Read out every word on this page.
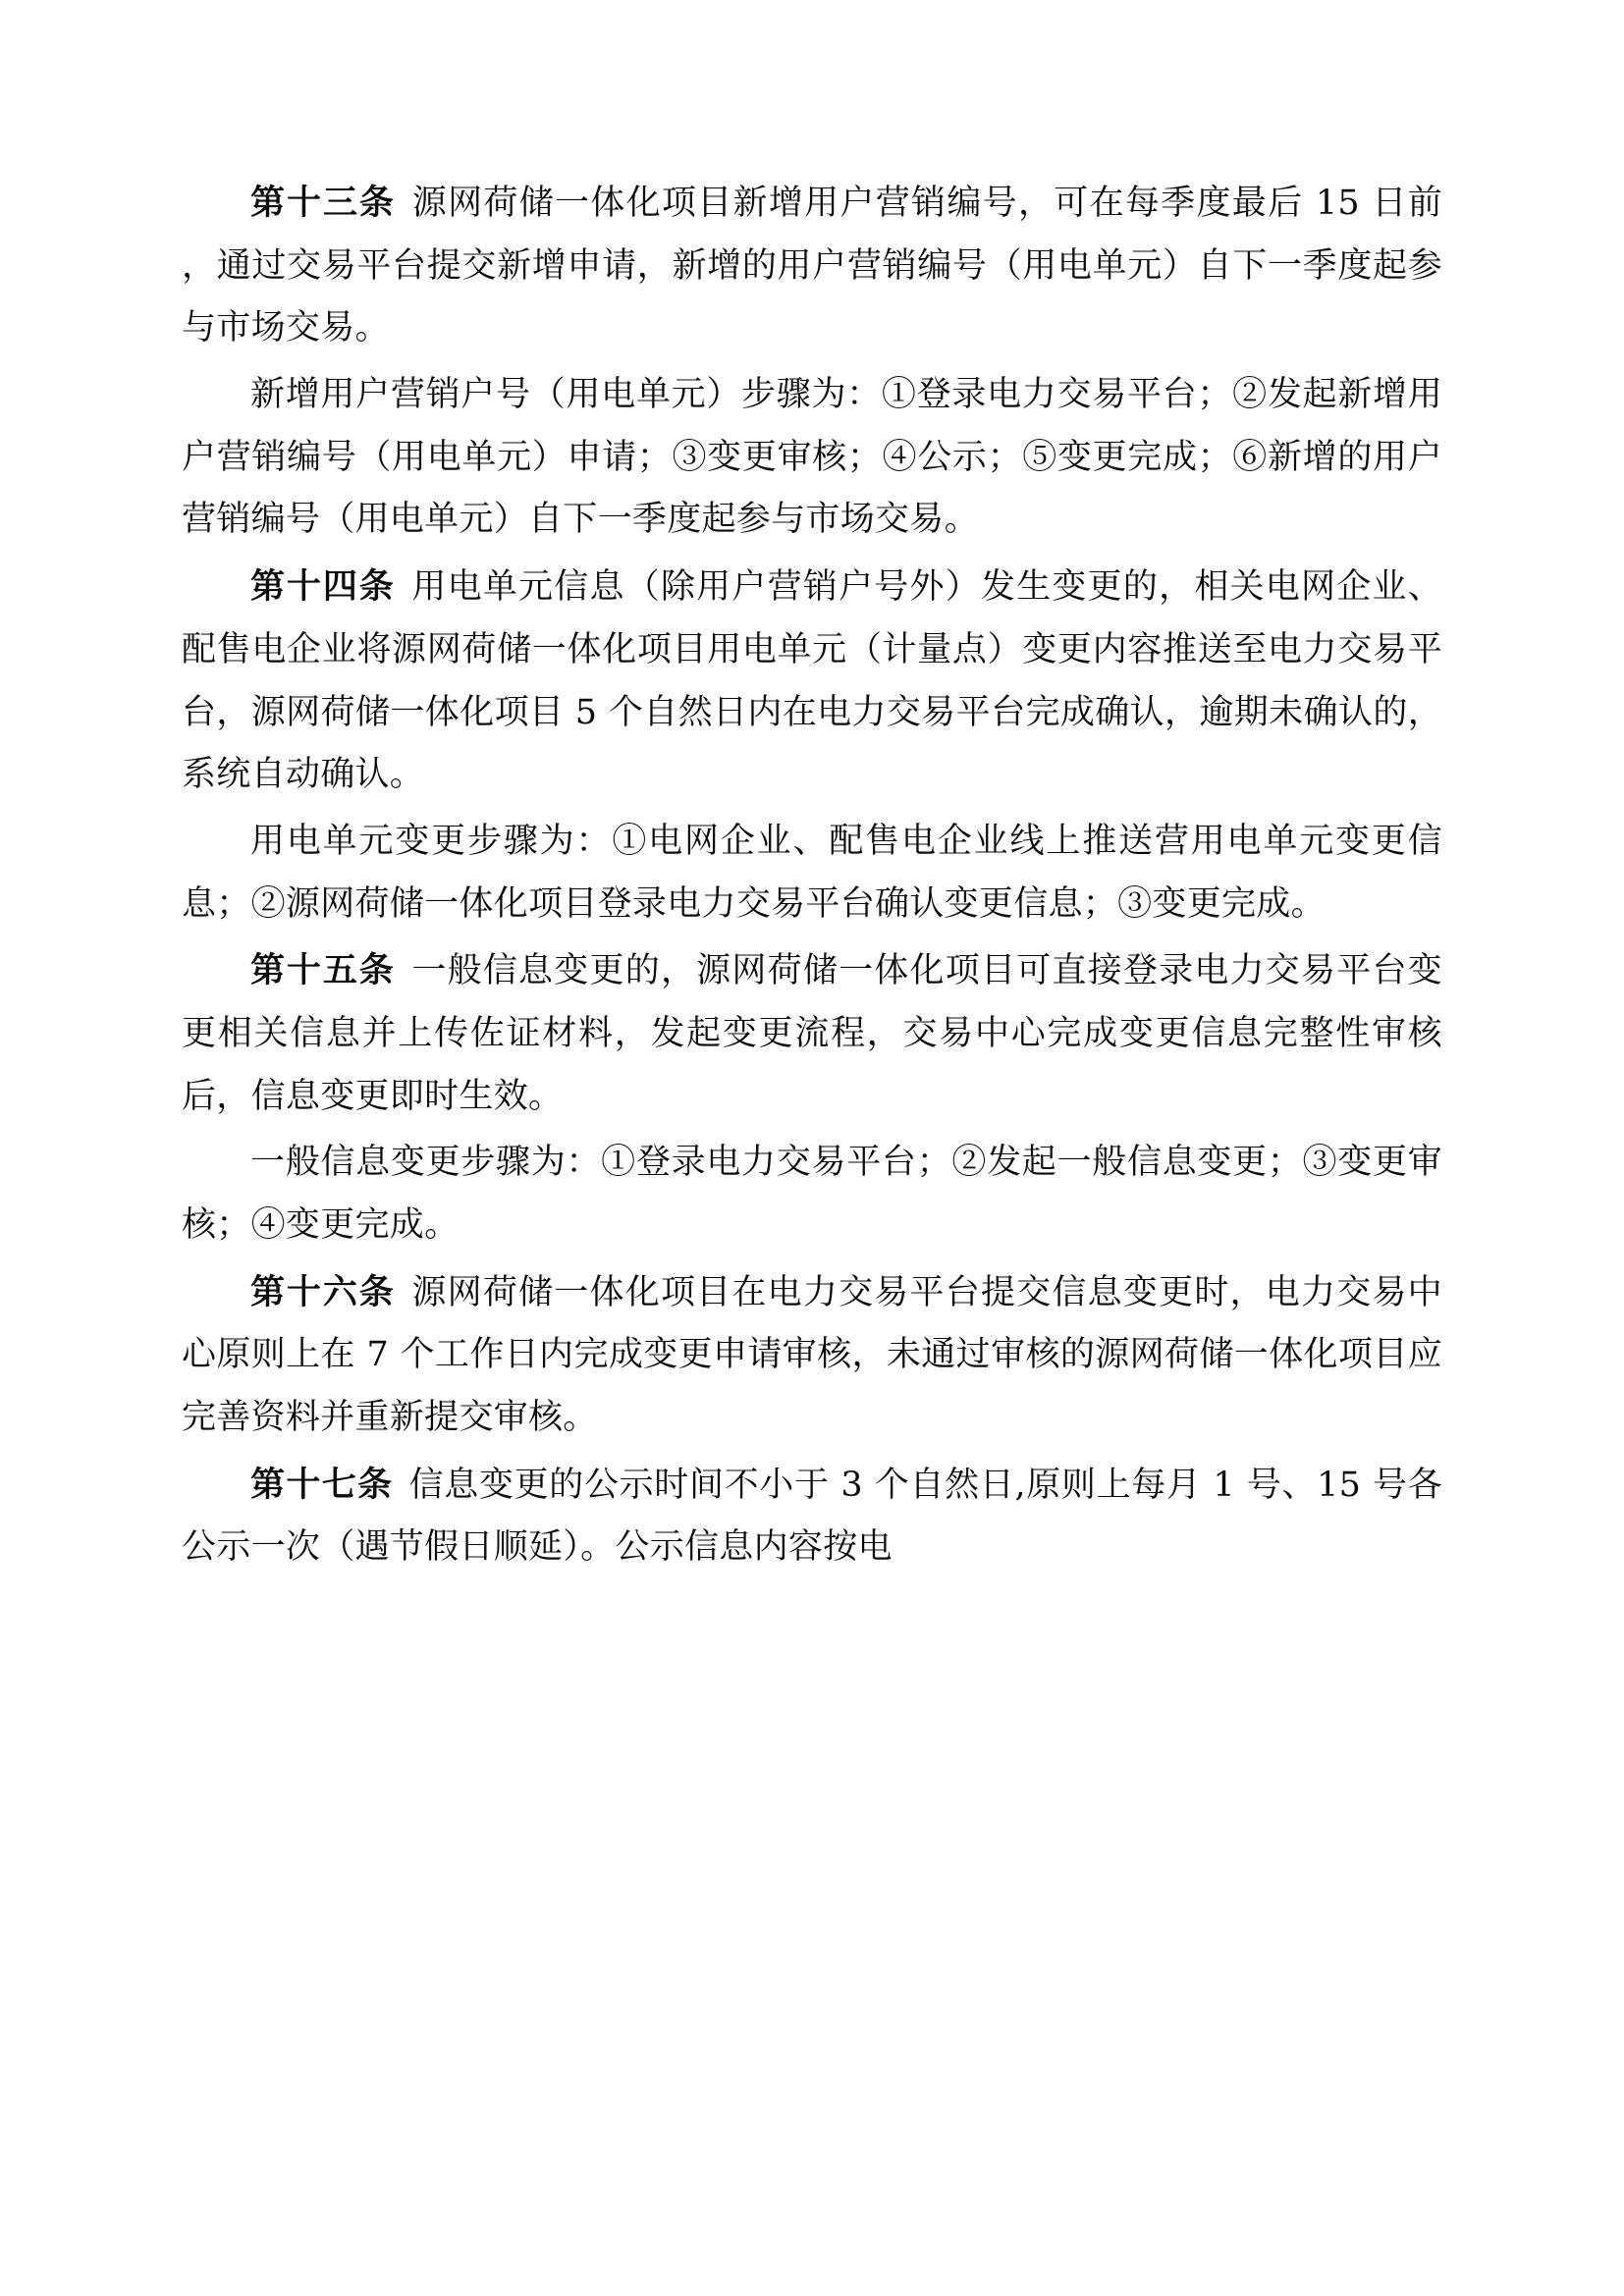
第十三条 源网荷储一体化项目新增用户营销编号，可在每季度最后 15 日前 ，通过交易平台提交新增申请，新增的用户营销编号（用电单元）自下一季度起参与市场交易。

新增用户营销户号（用电单元）步骤为：①登录电力交易平台；②发起新增用户营销编号（用电单元）申请；③变更审核；④公示；⑤变更完成；⑥新增的用户营销编号（用电单元）自下一季度起参与市场交易。

第十四条 用电单元信息（除用户营销户号外）发生变更的，相关电网企业、配售电企业将源网荷储一体化项目用电单元（计量点）变更内容推送至电力交易平台，源网荷储一体化项目 5 个自然日内在电力交易平台完成确认，逾期未确认的，系统自动确认。

用电单元变更步骤为：①电网企业、配售电企业线上推送营用电单元变更信息；②源网荷储一体化项目登录电力交易平台确认变更信息；③变更完成。

第十五条 一般信息变更的，源网荷储一体化项目可直接登录电力交易平台变更相关信息并上传佐证材料，发起变更流程，交易中心完成变更信息完整性审核后，信息变更即时生效。

一般信息变更步骤为：①登录电力交易平台；②发起一般信息变更；③变更审核；④变更完成。

第十六条 源网荷储一体化项目在电力交易平台提交信息变更时，电力交易中心原则上在 7 个工作日内完成变更申请审核，未通过审核的源网荷储一体化项目应完善资料并重新提交审核。

第十七条 信息变更的公示时间不小于 3 个自然日,原则上每月 1 号、15 号各公示一次（遇节假日顺延）。公示信息内容按电
